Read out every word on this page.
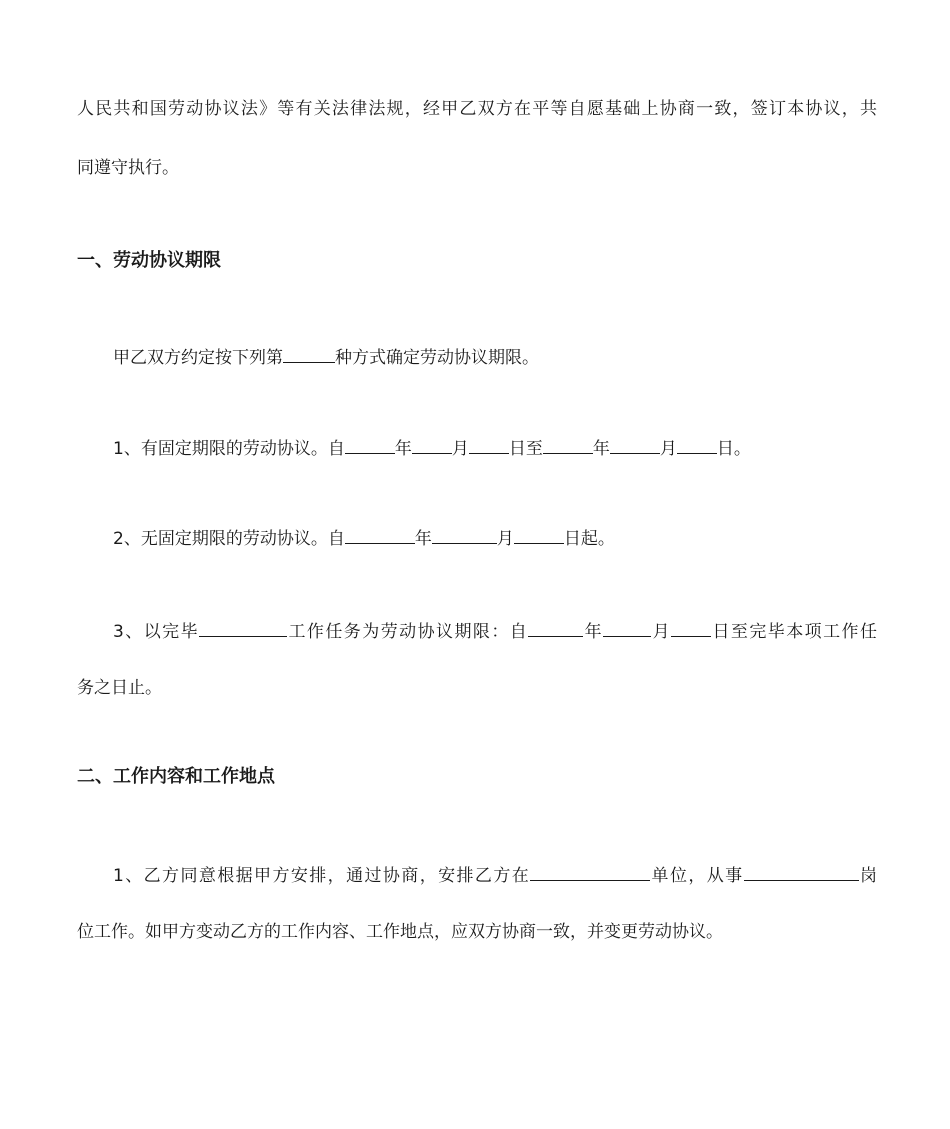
人民共和国劳动协议法》等有关法律法规，经甲乙双方在平等自愿基础上协商一致，签订本协议，共
同遵守执行。
一、劳动协议期限
甲乙双方约定按下列第	种方式确定劳动协议期限。
1、有固定期限的劳动协议。自	年 月 日至	年	月 日。
2、无固定期限的劳动协议。自	年	月	日起。
3、以完毕	工作任务为劳动协议期限：自	年	月 日至完毕本项工作任
务之日止。
二、工作内容和工作地点
1、乙方同意根据甲方安排，通过协商，安排乙方在	单位，从事	岗
位工作。如甲方变动乙方的工作内容、工作地点，应双方协商一致，并变更劳动协议。
